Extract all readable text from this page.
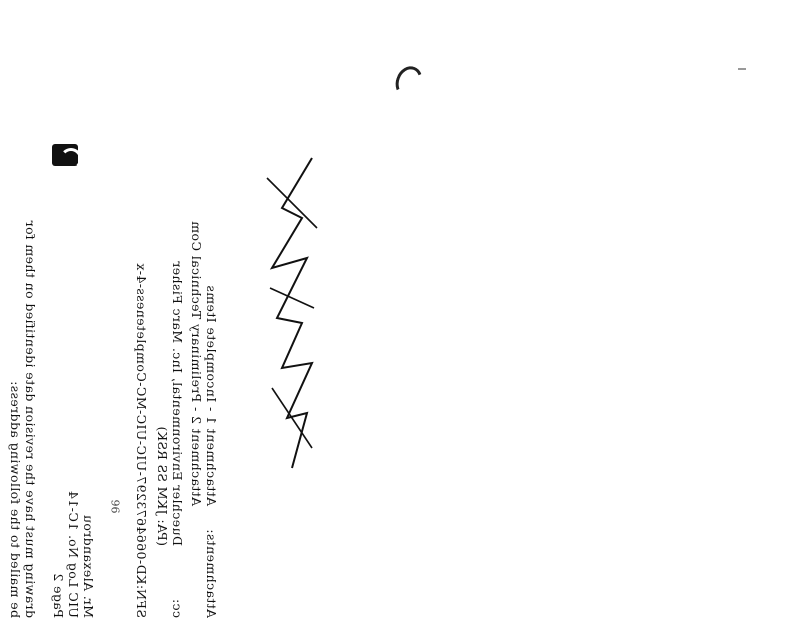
Mr. Alexandrou
UIC Log No. 1C-14
Page 2
drawing must have the revision date identified on them for
be mailed to the following address:	Attachments:
Attachment 1 - Incomplete Items
Attachment 2 - Preliminary Technical Com
cc:
Duechler Environmental, Inc. Marc Fisher
(PA: JKM SS RSK)
SFN:KD-0664673297-UIC-UIC-MC-Completeness-4-x
96
